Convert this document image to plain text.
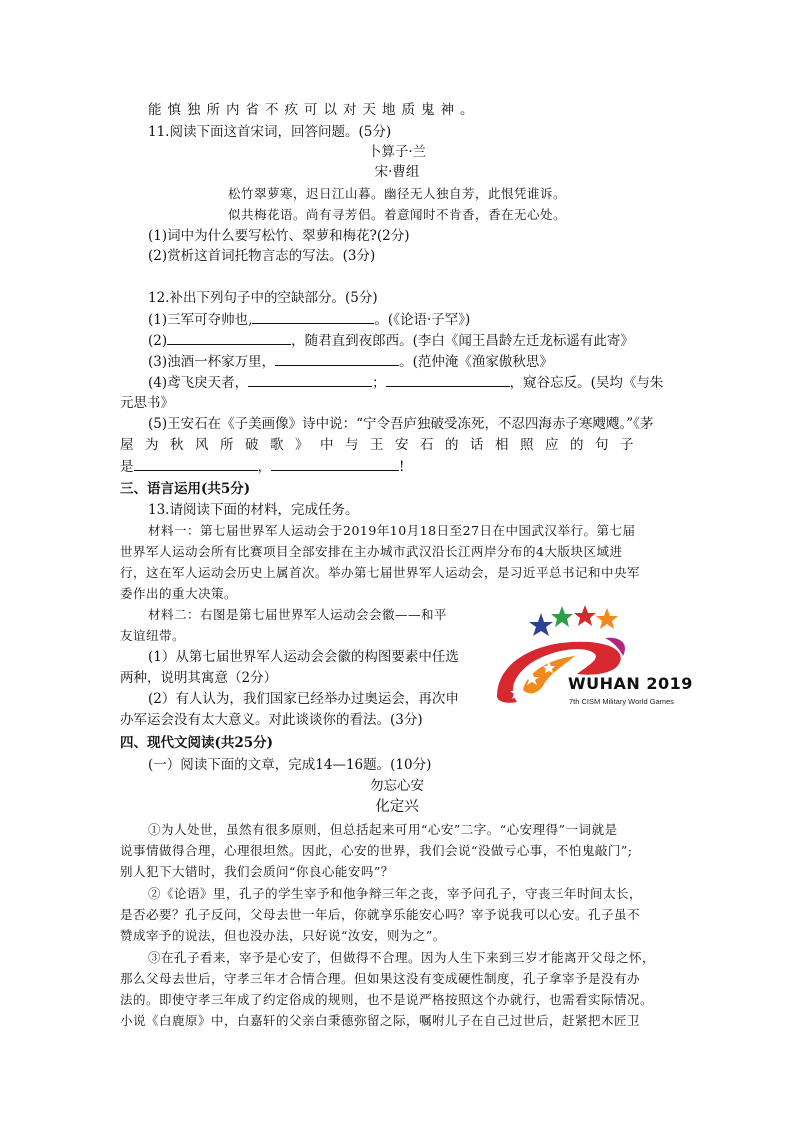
能慎独所内省不疚可以对天地质鬼神。
11.阅读下面这首宋词，回答问题。(5分)
卜算子·兰
宋·曹组
松竹翠萝寒，迟日江山暮。幽径无人独自芳，此恨凭谁诉。
似共梅花语。尚有寻芳侣。着意闻时不肯香，香在无心处。
(1)词中为什么要写松竹、翠萝和梅花?(2分)
(2)赏析这首词托物言志的写法。(3分)
12.补出下列句子中的空缺部分。(5分)
(1)三军可夺帅也,	。(《论语·子罕》)
(2)	，随君直到夜郎西。(李白《闻王昌龄左迁龙标遥有此寄》
(3)浊酒一杯家万里，	。(范仲淹《渔家傲秋思》
(4)鸢飞戾天者，	；	，窥谷忘反。(吴均《与朱
元思书》
(5)王安石在《子美画像》诗中说：“宁令吾庐独破受冻死，不忍四海赤子寒飕飕。”《茅
屋为秋风所破歌》中与王安石的话相照应的句子
是	，	!
三、语言运用(共5分)
13.请阅读下面的材料，完成任务。
材料一：第七届世界军人运动会于2019年10月18日至27日在中国武汉举行。第七届
世界军人运动会所有比赛项目全部安排在主办城市武汉沿长江两岸分布的4大版块区域进
行，这在军人运动会历史上属首次。举办第七届世界军人运动会，是习近平总书记和中央军
委作出的重大决策。
材料二：右图是第七届世界军人运动会会徽——和平
友谊纽带。
(1）从第七届世界军人运动会会徽的构图要素中任选
两种，说明其寓意（2分）
(2）有人认为，我们国家已经举办过奥运会，再次申
办军运会没有太大意义。对此谈谈你的看法。(3分)
WUHAN 2019
7th CISM Military World Games
四、现代文阅读(共25分)
(一）阅读下面的文章，完成14—16题。(10分)
勿忘心安
化定兴
①为人处世，虽然有很多原则，但总括起来可用“心安”二字。“心安理得”一词就是
说事情做得合理，心理很坦然。因此，心安的世界，我们会说“没做亏心事，不怕鬼敲门”;
别人犯下大错时，我们会质问“你良心能安吗”？
②《论语》里，孔子的学生宰予和他争辩三年之丧，宰予问孔子，守丧三年时间太长，
是否必要？孔子反问，父母去世一年后，你就享乐能安心吗？宰予说我可以心安。孔子虽不
赞成宰予的说法，但也没办法，只好说“汝安，则为之”。
③在孔子看来，宰予是心安了，但做得不合理。因为人生下来到三岁才能离开父母之怀，
那么父母去世后，守孝三年才合情合理。但如果这没有变成硬性制度，孔子拿宰予是没有办
法的。即使守孝三年成了约定俗成的规则，也不是说严格按照这个办就行，也需看实际情况。
小说《白鹿原》中，白嘉轩的父亲白秉德弥留之际，嘱咐儿子在自己过世后，赶紧把木匠卫
